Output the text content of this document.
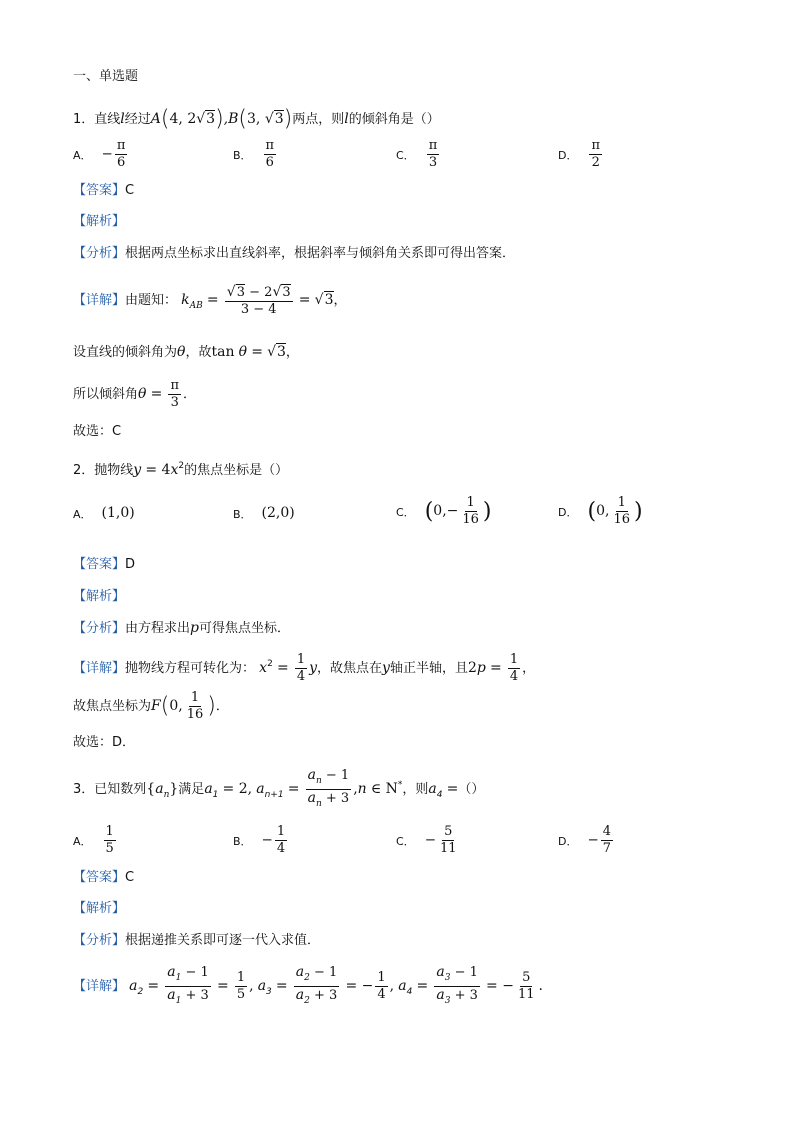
一、单选题
1．直线l经过A(4, 2√3),B(3, √3)两点，则l的倾斜角是（）
A． − $\frac{\pi}{6}$	B． $\frac{\pi}{6}$	C． $\frac{\pi}{3}$	D． $\frac{\pi}{2}$
【答案】C
【解析】
【分析】根据两点坐标求出直线斜率，根据斜率与倾斜角关系即可得出答案．
【详解】由题知： $k_{AB} = \frac{√3 - 2√3}{3 - 4} = √3$，
设直线的倾斜角为θ，故tan θ = √3，
所以倾斜角$\theta = \frac{\pi}{3}$ ．
故选：C
2．抛物线$y = 4x^2$的焦点坐标是（）
A． (1,0)	B． (2,0)	C． ($0,- \frac{1}{16}$ )	D． (0, $\frac{1}{16}$ )
【答案】D
【解析】
【分析】由方程求出p可得焦点坐标．
【详解】抛物线方程可转化为： $x^2 = \frac{1}{4}$ y，故焦点在y轴正半轴，且$2p = \frac{1}{4}$ ，
故焦点坐标为F(0, $\frac{1}{16}$ )．
故选：D．
3．已知数列$\{a_n\}$满足$a_1 = 2$, $a_{n+1} = \frac{a_n - 1}{a_n + 3} ,n$ ∈ N*，则$a_4$ =（）
A． $\frac{1}{5}$	B． − $\frac{1}{4}$	C． − $\frac{5}{11}$	D． − $\frac{4}{7}$
【答案】C
【解析】
【分析】根据递推关系即可逐一代入求值．
【详解】 $a_2 = \frac{a_1 - 1}{a_1 + 3} = \frac{1}{5}$ , $a_3 = \frac{a_2 - 1}{a_2 + 3}$ = − $\frac{1}{4}$ , $a_4 = \frac{a_3 - 1}{a_3 + 3}$ = − $\frac{5}{11}$ .
